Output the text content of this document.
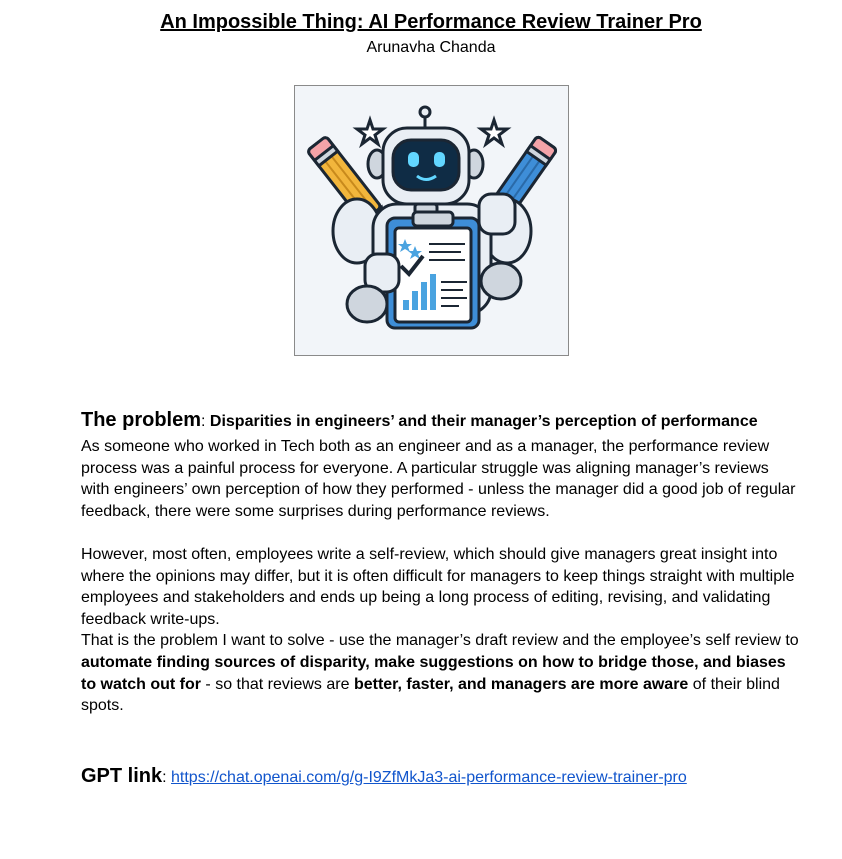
An Impossible Thing: AI Performance Review Trainer Pro
Arunavha Chanda

The problem: Disparities in engineers’ and their manager’s perception of performance

As someone who worked in Tech both as an engineer and as a manager, the performance review process was a painful process for everyone. A particular struggle was aligning manager’s reviews with engineers’ own perception of how they performed - unless the manager did a good job of regular feedback, there were some surprises during performance reviews.

However, most often, employees write a self-review, which should give managers great insight into where the opinions may differ, but it is often difficult for managers to keep things straight with multiple employees and stakeholders and ends up being a long process of editing, revising, and validating feedback write-ups.

That is the problem I want to solve - use the manager’s draft review and the employee’s self review to automate finding sources of disparity, make suggestions on how to bridge those, and biases to watch out for - so that reviews are better, faster, and managers are more aware of their blind spots.

GPT link: https://chat.openai.com/g/g-I9ZfMkJa3-ai-performance-review-trainer-pro
